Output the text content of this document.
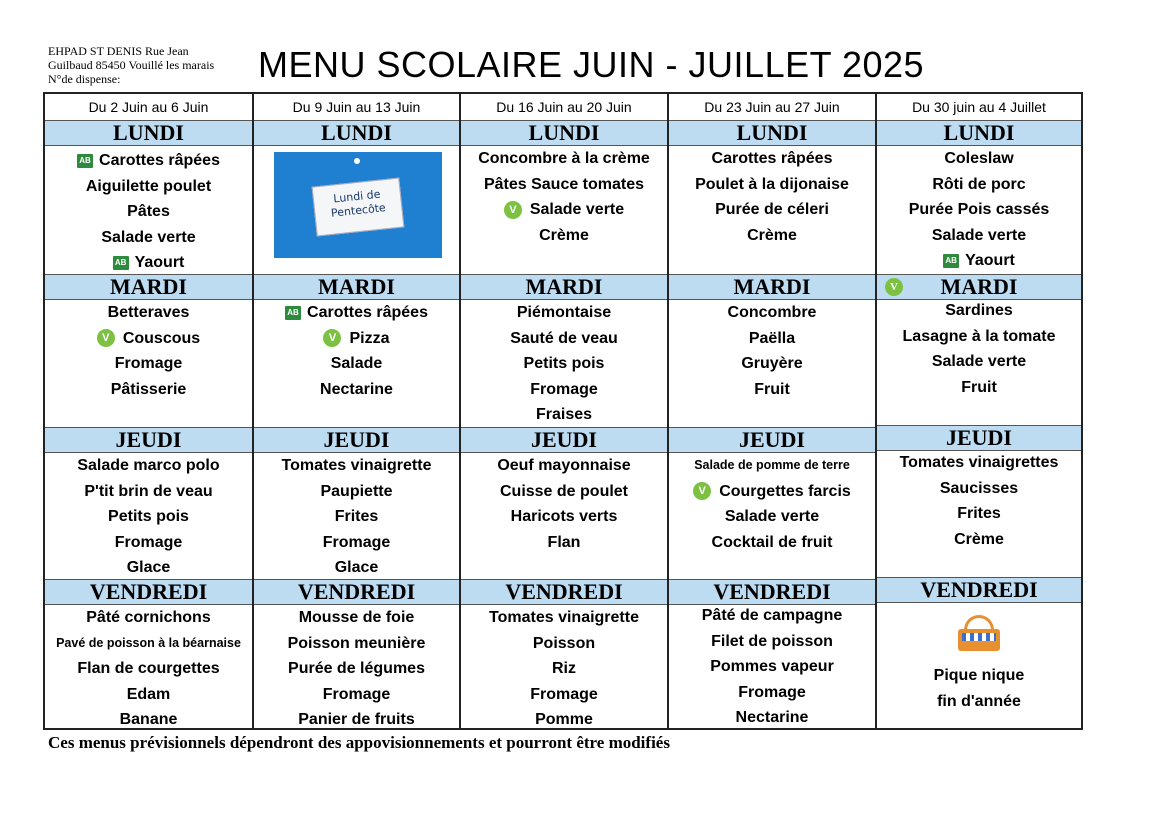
EHPAD ST DENIS Rue Jean
Guilbaud 85450 Vouillé les marais
N°de dispense:	MENU SCOLAIRE JUIN - JUILLET 2025
Du 2 Juin au 6 Juin
LUNDI
AB Carottes râpées
Aiguilette poulet
Pâtes
Salade verte
AB Yaourt
MARDI
Betteraves
V Couscous
Fromage
Pâtisserie
JEUDI
Salade marco polo
P'tit brin de veau
Petits pois
Fromage
Glace
VENDREDI
Pâté cornichons
Pavé de poisson à la béarnaise
Flan de courgettes
Edam
Banane
Du 9 Juin au 13 Juin
LUNDI
Lundi de
Pentecôte
MARDI
AB Carottes râpées
V Pizza
Salade
Nectarine
JEUDI
Tomates vinaigrette
Paupiette
Frites
Fromage
Glace
VENDREDI
Mousse de foie
Poisson meunière
Purée de légumes
Fromage
Panier de fruits
Du 16 Juin au 20 Juin
LUNDI
Concombre à la crème
Pâtes Sauce tomates
V Salade verte
Crème
MARDI
Piémontaise
Sauté de veau
Petits pois
Fromage
Fraises
JEUDI
Oeuf mayonnaise
Cuisse de poulet
Haricots verts
Flan
VENDREDI
Tomates vinaigrette
Poisson
Riz
Fromage
Pomme
Du 23 Juin au 27 Juin
LUNDI
Carottes râpées
Poulet à la dijonaise
Purée de céleri
Crème
MARDI
Concombre
Paëlla
Gruyère
Fruit
JEUDI
Salade de pomme de terre
V Courgettes farcis
Salade verte
Cocktail de fruit
VENDREDI
Pâté de campagne
Filet de poisson
Pommes vapeur
Fromage
Nectarine
Du 30 juin au 4 Juillet
LUNDI
Coleslaw
Rôti de porc
Purée Pois cassés
Salade verte
AB Yaourt
V MARDI
Sardines
Lasagne à la tomate
Salade verte
Fruit
JEUDI
Tomates vinaigrettes
Saucisses
Frites
Crème
VENDREDI
Pique nique
fin d'année
Ces menus prévisionnels dépendront des appovisionnements et pourront être modifiés
